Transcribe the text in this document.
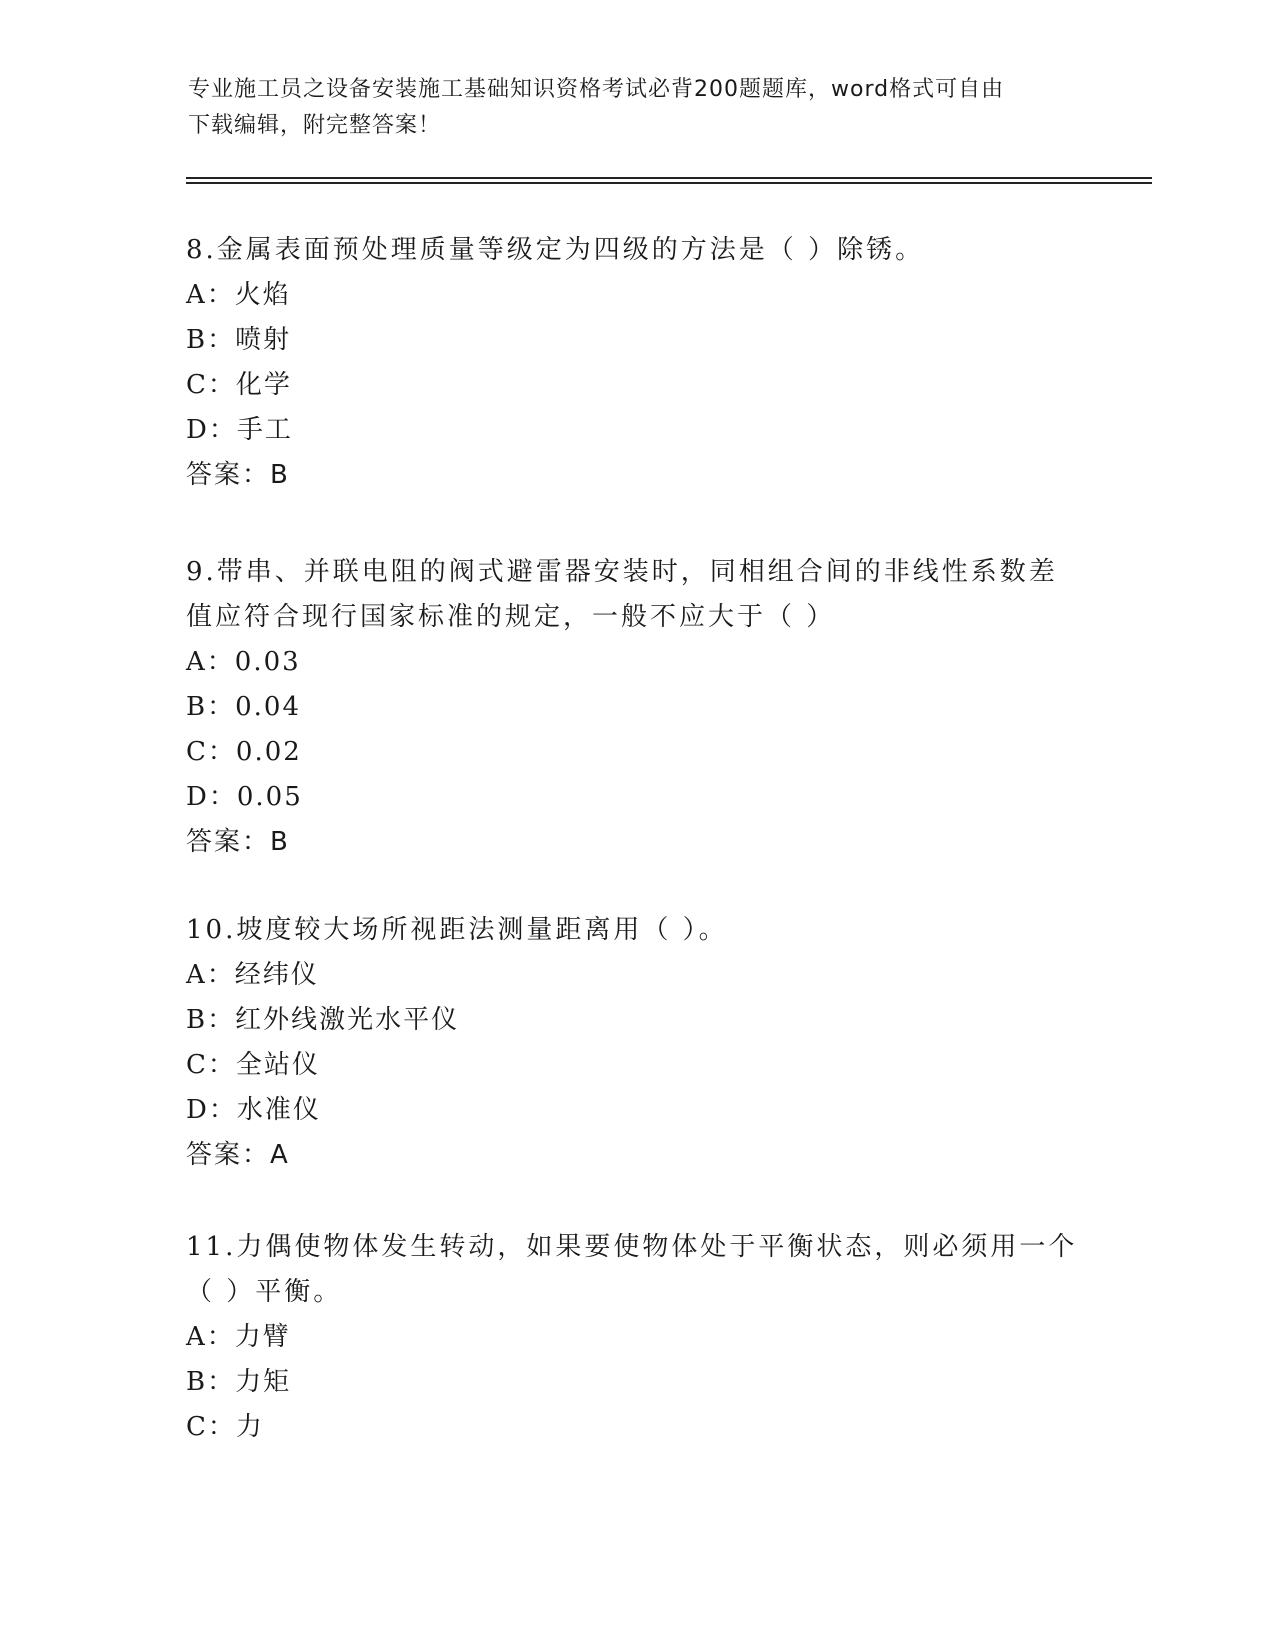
专业施工员之设备安装施工基础知识资格考试必背200题题库，word格式可自由
下载编辑，附完整答案！
8.金属表面预处理质量等级定为四级的方法是（ ）除锈。
A：火焰
B：喷射
C：化学
D：手工
答案：B
9.带串、并联电阻的阀式避雷器安装时，同相组合间的非线性系数差
值应符合现行国家标准的规定，一般不应大于（ ）
A：0.03
B：0.04
C：0.02
D：0.05
答案：B
10.坡度较大场所视距法测量距离用（ ）。
A：经纬仪
B：红外线激光水平仪
C：全站仪
D：水准仪
答案：A
11.力偶使物体发生转动，如果要使物体处于平衡状态，则必须用一个
（ ）平衡。
A：力臂
B：力矩
C：力
